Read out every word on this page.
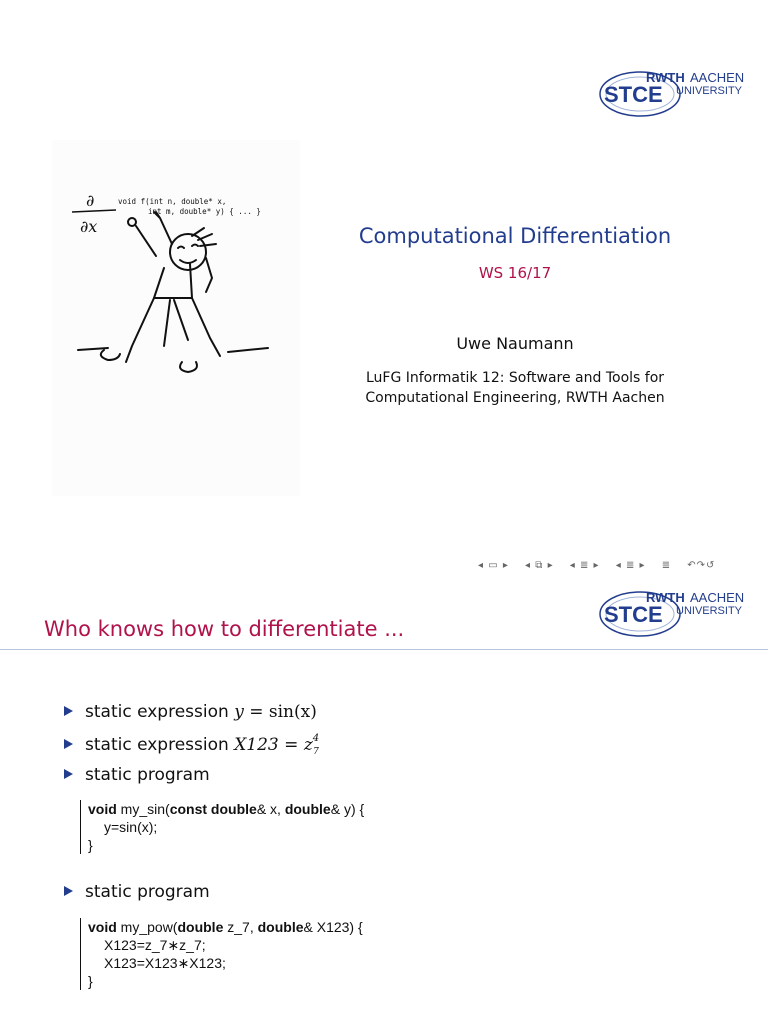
STCE
RWTH AACHEN
UNIVERSITY
∂
∂x
void f(int n, double* x,
int m, double* y) { ... }
Computational Differentiation
WS 16/17
Uwe Naumann
LuFG Informatik 12: Software and Tools for
Computational Engineering, RWTH Aachen
◂ ▭ ▸ ◂ ⧉ ▸ ◂ ≣ ▸ ◂ ≣ ▸ ≣ ↶↷↺
STCE
RWTH AACHEN
UNIVERSITY
Who knows how to differentiate ...
static expression y = sin(x)
static expression $X123 = z^4_7$
static program
void my_sin(const double& x, double& y) {
y=sin(x);
}
static program
void my_pow(double z_7, double& X123) {
X123=z_7∗z_7;
X123=X123∗X123;
}
